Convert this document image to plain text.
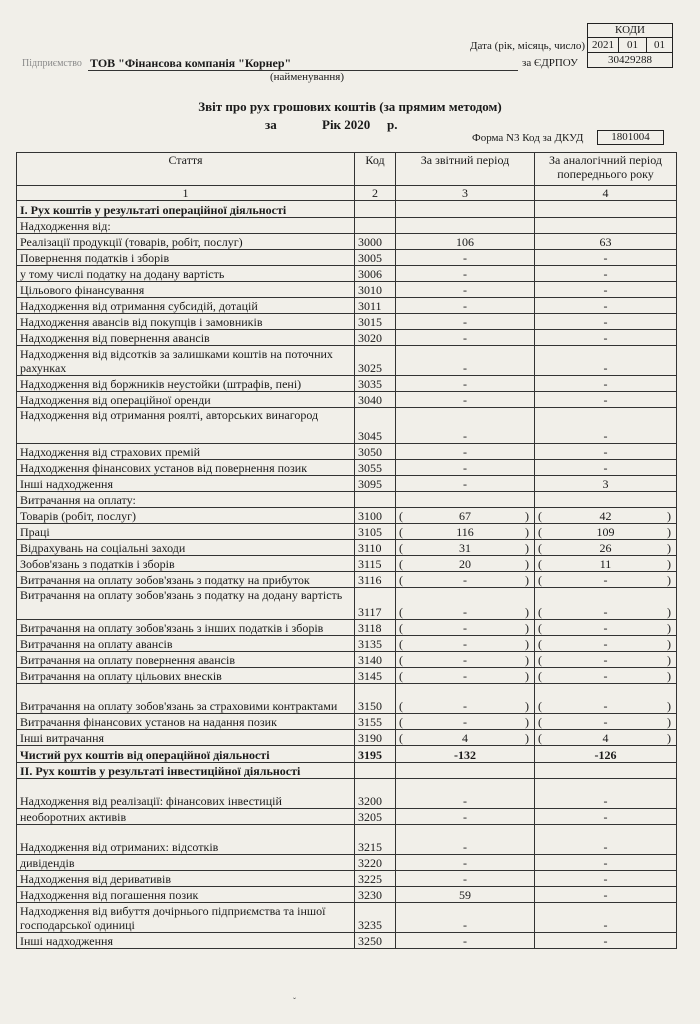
Дата (рік, місяць, число)
за ЄДРПОУ
КОДИ
2021	01	01
30429288
Підприємство ТОВ "Фінансова компанія "Корнер"
(найменування)
Звіт про рух грошових коштів (за прямим методом)
за	Рік 2020 р.
Форма N3 Код за ДКУД	1801004
Стаття	Код	За звітний період	За аналогічний період попереднього року
1	2	3	4
I. Рух коштів у результаті операційної діяльності			
Надходження від:			
Реалізації продукції (товарів, робіт, послуг)	3000	106	63
Повернення податків і зборів	3005	-	-
у тому числі податку на додану вартість	3006	-	-
Цільового фінансування	3010	-	-
Надходження від отримання субсидій, дотацій	3011	-	-
Надходження авансів від покупців і замовників	3015	-	-
Надходження від повернення авансів	3020	-	-
Надходження від відсотків за залишками коштів на поточних рахунках	3025	-	-
Надходження від боржників неустойки (штрафів, пені)	3035	-	-
Надходження від операційної оренди	3040	-	-
Надходження від отримання роялті, авторських винагород	3045	-	-
Надходження від страхових премій	3050	-	-
Надходження фінансових установ від повернення позик	3055	-	-
Інші надходження	3095	-	3
Витрачання на оплату:			
Товарів (робіт, послуг)	3100	( 67 )	( 42 )

Праці	3105	( 116 )	( 109 )

Відрахувань на соціальні заходи	3110	( 31 )	( 26 )

Зобов'язань з податків і зборів	3115	( 20 )	( 11 )

Витрачання на оплату зобов'язань з податку на прибуток	3116	( - )	( - )

Витрачання на оплату зобов'язань з податку на додану вартість	3117	( - )	( - )

Витрачання на оплату зобов'язань з інших податків і зборів	3118	( - )	( - )

Витрачання на оплату авансів	3135	( - )	( - )

Витрачання на оплату повернення авансів	3140	( - )	( - )

Витрачання на оплату цільових внесків	3145	( - )	( - )

Витрачання на оплату зобов'язань за страховими контрактами	3150	( - )	( - )

Витрачання фінансових установ на надання позик	3155	( - )	( - )

Інші витрачання	3190	( 4 )	( 4 )

Чистий рух коштів від операційної діяльності	3195	-132	-126
II. Рух коштів у результаті інвестиційної діяльності			
Надходження від реалізації: фінансових інвестицій	3200	-	-
необоротних активів	3205	-	-
Надходження від отриманих: відсотків	3215	-	-
дивідендів	3220	-	-
Надходження від деривативів	3225	-	-
Надходження від погашення позик	3230	59	-
Надходження від вибуття дочірнього підприємства та іншої господарської одиниці	3235	-	-
Інші надходження	3250	-	-
ˇ
